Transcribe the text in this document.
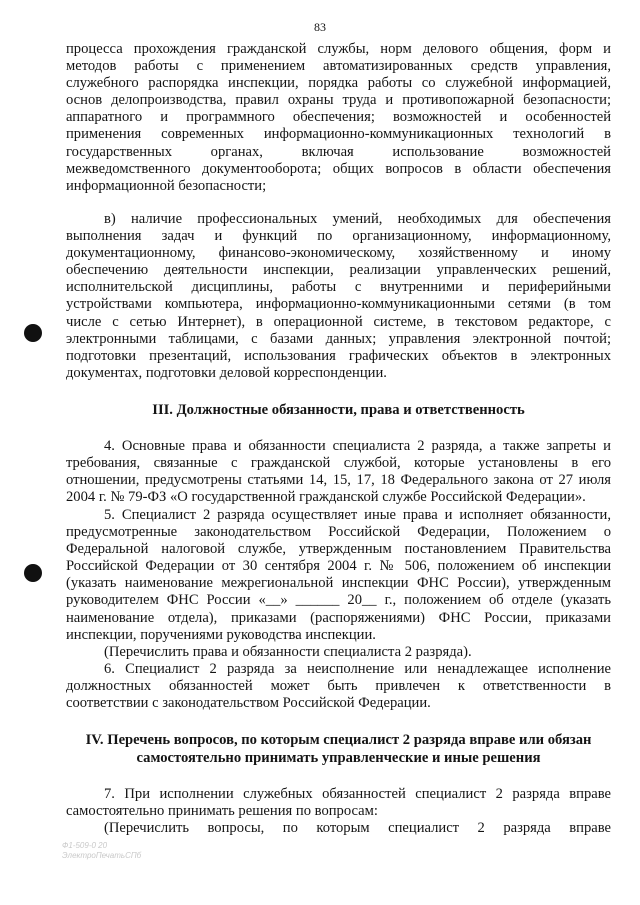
83
процесса прохождения гражданской службы, норм делового общения, форм и
методов работы с применением автоматизированных средств управления,
служебного распорядка инспекции, порядка работы со служебной информацией,
основ делопроизводства, правил охраны труда и противопожарной безопасности;
аппаратного и программного обеспечения; возможностей и особенностей
применения современных информационно-коммуникационных технологий в
государственных органах, включая использование возможностей
межведомственного документооборота; общих вопросов в области обеспечения
информационной безопасности;
в) наличие профессиональных умений, необходимых для обеспечения
выполнения задач и функций по организационному, информационному,
документационному, финансово-экономическому, хозяйственному и иному
обеспечению деятельности инспекции, реализации управленческих решений,
исполнительской дисциплины, работы с внутренними и периферийными
устройствами компьютера, информационно-коммуникационными сетями (в том
числе с сетью Интернет), в операционной системе, в текстовом редакторе, с
электронными таблицами, с базами данных; управления электронной почтой;
подготовки презентаций, использования графических объектов в электронных
документах, подготовки деловой корреспонденции.
III. Должностные обязанности, права и ответственность
4. Основные права и обязанности специалиста 2 разряда, а также запреты и
требования, связанные с гражданской службой, которые установлены в его
отношении, предусмотрены статьями 14, 15, 17, 18 Федерального закона от 27 июля
2004 г. № 79-ФЗ «О государственной гражданской службе Российской Федерации».
5. Специалист 2 разряда осуществляет иные права и исполняет обязанности,
предусмотренные законодательством Российской Федерации, Положением о
Федеральной налоговой службе, утвержденным постановлением Правительства
Российской Федерации от 30 сентября 2004 г. № 506, положением об инспекции
(указать наименование межрегиональной инспекции ФНС России), утвержденным
руководителем ФНС России «__» ______ 20__ г., положением об отделе (указать
наименование отдела), приказами (распоряжениями) ФНС России, приказами
инспекции, поручениями руководства инспекции.
(Перечислить права и обязанности специалиста 2 разряда).
6. Специалист 2 разряда за неисполнение или ненадлежащее исполнение
должностных обязанностей может быть привлечен к ответственности в
соответствии с законодательством Российской Федерации.
IV. Перечень вопросов, по которым специалист 2 разряда вправе или обязан
самостоятельно принимать управленческие и иные решения
7. При исполнении служебных обязанностей специалист 2 разряда вправе
самостоятельно принимать решения по вопросам:
(Перечислить вопросы, по которым специалист 2 разряда вправе
Ф1-509-0 20
ЭлектроПечатьСПб
